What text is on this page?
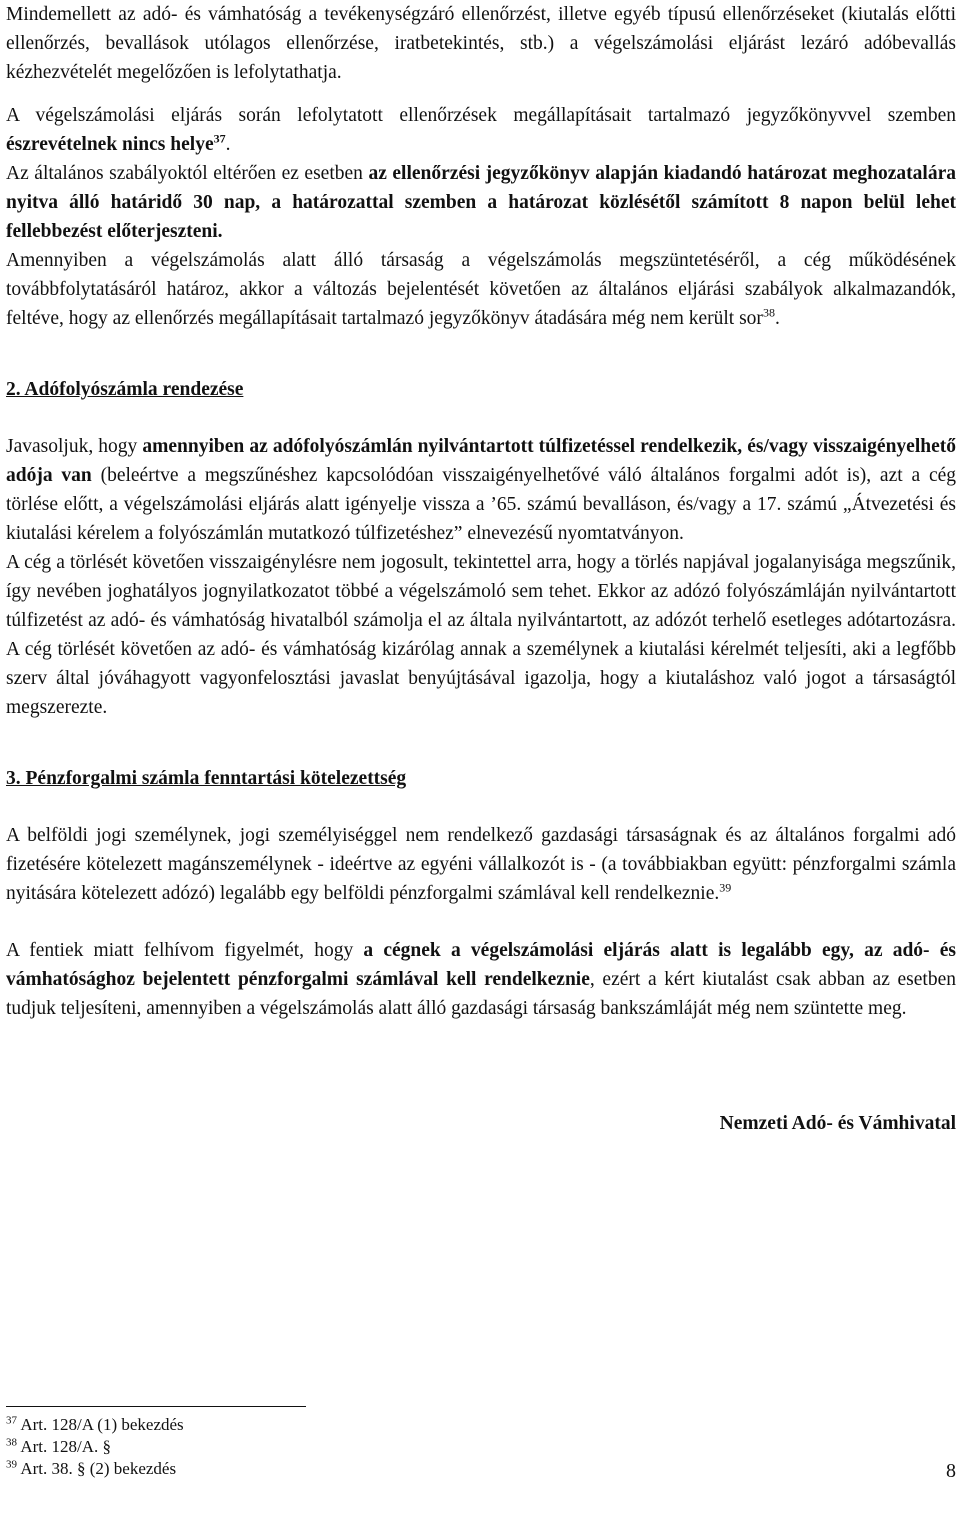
Mindemellett az adó- és vámhatóság a tevékenységzáró ellenőrzést, illetve egyéb típusú ellenőrzéseket (kiutalás előtti ellenőrzés, bevallások utólagos ellenőrzése, iratbetekintés, stb.) a végelszámolási eljárást lezáró adóbevallás kézhezvételét megelőzően is lefolytathatja.

A végelszámolási eljárás során lefolytatott ellenőrzések megállapításait tartalmazó jegyzőkönyvvel szemben észrevételnek nincs helye$^{37}$.

Az általános szabályoktól eltérően ez esetben az ellenőrzési jegyzőkönyv alapján kiadandó határozat meghozatalára nyitva álló határidő 30 nap, a határozattal szemben a határozat közlésétől számított 8 napon belül lehet fellebbezést előterjeszteni.

Amennyiben a végelszámolás alatt álló társaság a végelszámolás megszüntetéséről, a cég működésének továbbfolytatásáról határoz, akkor a változás bejelentését követően az általános eljárási szabályok alkalmazandók, feltéve, hogy az ellenőrzés megállapításait tartalmazó jegyzőkönyv átadására még nem került sor$^{38}$.

2. Adófolyószámla rendezése

Javasoljuk, hogy amennyiben az adófolyószámlán nyilvántartott túlfizetéssel rendelkezik, és/vagy visszaigényelhető adója van (beleértve a megszűnéshez kapcsolódóan visszaigényelhetővé váló általános forgalmi adót is), azt a cég törlése előtt, a végelszámolási eljárás alatt igényelje vissza a ’65. számú bevalláson, és/vagy a 17. számú „Átvezetési és kiutalási kérelem a folyószámlán mutatkozó túlfizetéshez” elnevezésű nyomtatványon.

A cég a törlését követően visszaigénylésre nem jogosult, tekintettel arra, hogy a törlés napjával jogalanyisága megszűnik, így nevében joghatályos jognyilatkozatot többé a végelszámoló sem tehet. Ekkor az adózó folyószámláján nyilvántartott túlfizetést az adó- és vámhatóság hivatalból számolja el az általa nyilvántartott, az adózót terhelő esetleges adótartozásra. A cég törlését követően az adó- és vámhatóság kizárólag annak a személynek a kiutalási kérelmét teljesíti, aki a legfőbb szerv által jóváhagyott vagyonfelosztási javaslat benyújtásával igazolja, hogy a kiutaláshoz való jogot a társaságtól megszerezte.

3. Pénzforgalmi számla fenntartási kötelezettség

A belföldi jogi személynek, jogi személyiséggel nem rendelkező gazdasági társaságnak és az általános forgalmi adó fizetésére kötelezett magánszemélynek - ideértve az egyéni vállalkozót is - (a továbbiakban együtt: pénzforgalmi számla nyitására kötelezett adózó) legalább egy belföldi pénzforgalmi számlával kell rendelkeznie.$^{39}$

A fentiek miatt felhívom figyelmét, hogy a cégnek a végelszámolási eljárás alatt is legalább egy, az adó- és vámhatósághoz bejelentett pénzforgalmi számlával kell rendelkeznie, ezért a kért kiutalást csak abban az esetben tudjuk teljesíteni, amennyiben a végelszámolás alatt álló gazdasági társaság bankszámláját még nem szüntette meg.

Nemzeti Adó- és Vámhivatal

$^{37}$ Art. 128/A (1) bekezdés
$^{38}$ Art. 128/A. §
$^{39}$ Art. 38. § (2) bekezdés	8
